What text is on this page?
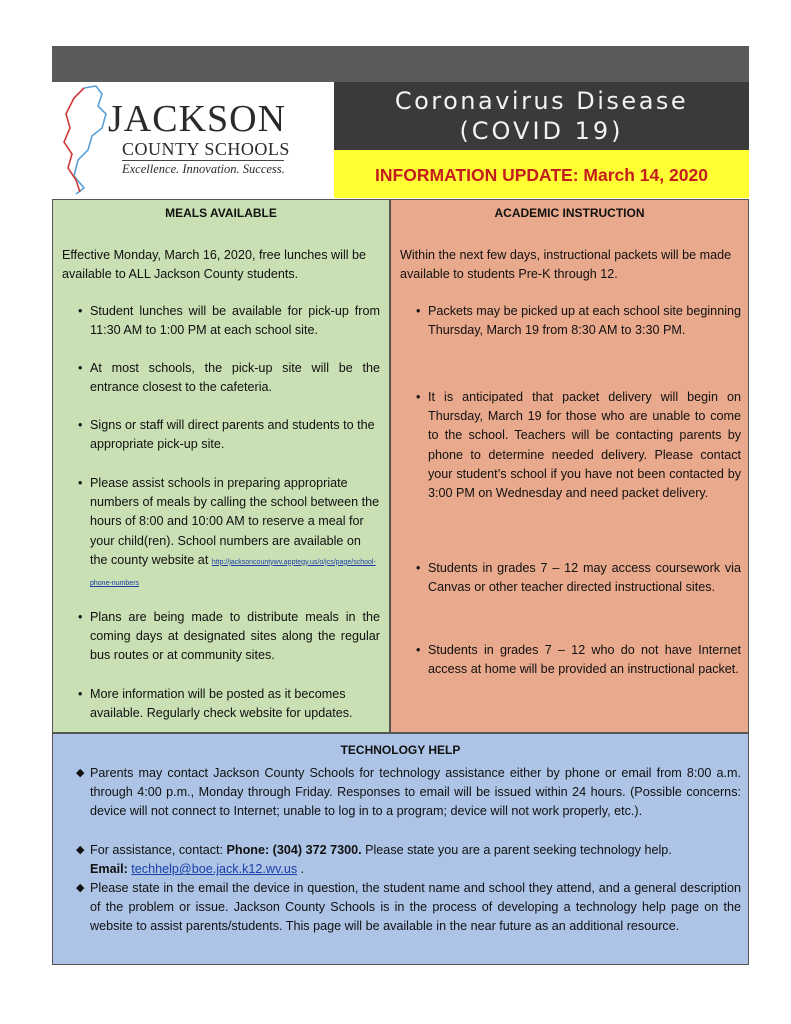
JACKSON
COUNTY SCHOOLS
Excellence. Innovation. Success.
Coronavirus Disease
(COVID 19)
INFORMATION UPDATE: March 14, 2020
MEALS AVAILABLE
Effective Monday, March 16, 2020, free lunches will be available to ALL Jackson County students.
• Student lunches will be available for pick-up from 11:30 AM to 1:00 PM at each school site.
• At most schools, the pick-up site will be the entrance closest to the cafeteria.
• Signs or staff will direct parents and students to the appropriate pick-up site.
• Please assist schools in preparing appropriate numbers of meals by calling the school between the hours of 8:00 and 10:00 AM to reserve a meal for your child(ren). School numbers are available on the county website at http://jacksoncountywv.apptegy.us/o/jcs/page/school-phone-numbers
• Plans are being made to distribute meals in the coming days at designated sites along the regular bus routes or at community sites.
• More information will be posted as it becomes available. Regularly check website for updates.
ACADEMIC INSTRUCTION
Within the next few days, instructional packets will be made available to students Pre-K through 12.
• Packets may be picked up at each school site beginning Thursday, March 19 from 8:30 AM to 3:30 PM.
• It is anticipated that packet delivery will begin on Thursday, March 19 for those who are unable to come to the school. Teachers will be contacting parents by phone to determine needed delivery. Please contact your student’s school if you have not been contacted by 3:00 PM on Wednesday and need packet delivery.
• Students in grades 7 – 12 may access coursework via Canvas or other teacher directed instructional sites.
• Students in grades 7 – 12 who do not have Internet access at home will be provided an instructional packet.
TECHNOLOGY HELP
◆ Parents may contact Jackson County Schools for technology assistance either by phone or email from 8:00 a.m. through 4:00 p.m., Monday through Friday. Responses to email will be issued within 24 hours. (Possible concerns: device will not connect to Internet; unable to log in to a program; device will not work properly, etc.).
◆ For assistance, contact: Phone: (304) 372 7300. Please state you are a parent seeking technology help.
Email: techhelp@boe.jack.k12.wv.us .
◆ Please state in the email the device in question, the student name and school they attend, and a general description of the problem or issue. Jackson County Schools is in the process of developing a technology help page on the website to assist parents/students. This page will be available in the near future as an additional resource.
